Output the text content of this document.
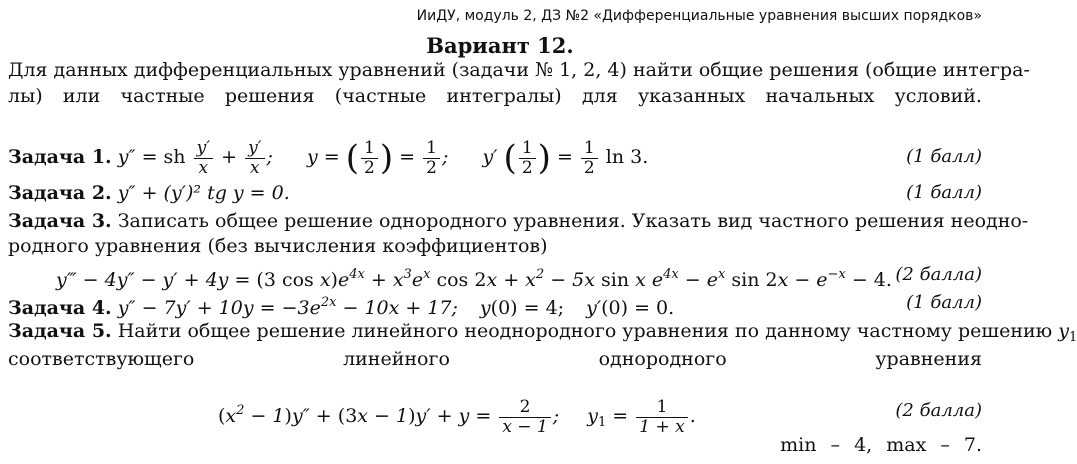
ИиДУ, модуль 2, ДЗ №2 «Дифференциальные уравнения высших порядков»
Вариант 12.
Для данных дифференциальных уравнений (задачи № 1, 2, 4) найти общие решения (общие интегра-
лы) или частные решения (частные интегралы) для указанных начальных условий.
Задача 1. y″ = sh $\frac{y'}{x} + \frac{y'}{x}$ ;  y = ( $\frac{1}{2}$ ) = $\frac{1}{2}$ ;  y′ ( $\frac{1}{2}$ ) = $\frac{1}{2}$ ln 3.	(1 балл)
Задача 2. y″ + (y′)² tg y = 0.	(1 балл)
Задача 3. Записать общее решение однородного уравнения. Указать вид частного решения неодно-
родного уравнения (без вычисления коэффициентов)
y‴ − 4y″ − y′ + 4y = (3 $\cos x)e^{4x} + x^3e^x$ $\cos 2x + x^2 - 5x$ sin x $e^{4x} - e^x$ $\sin 2x - e^{-x} - 4$. (2 балла)
Задача 4. $y'' - 7y' + 10y = -3e^{2x} - 10x + 17$; y(0) = 4; y′(0) = 0.	(1 балл)
Задача 5. Найти общее решение линейного неоднородного уравнения по данному частному решению $y_1$
соответствующего	линейного	однородного	уравнения
$(x^2 - 1)y'' + (3x - 1)y' + y = \frac{2}{x - 1}$ ; $y_1 = \frac{1}{1 + x}$ .	(2 балла)
min – 4, max – 7.
